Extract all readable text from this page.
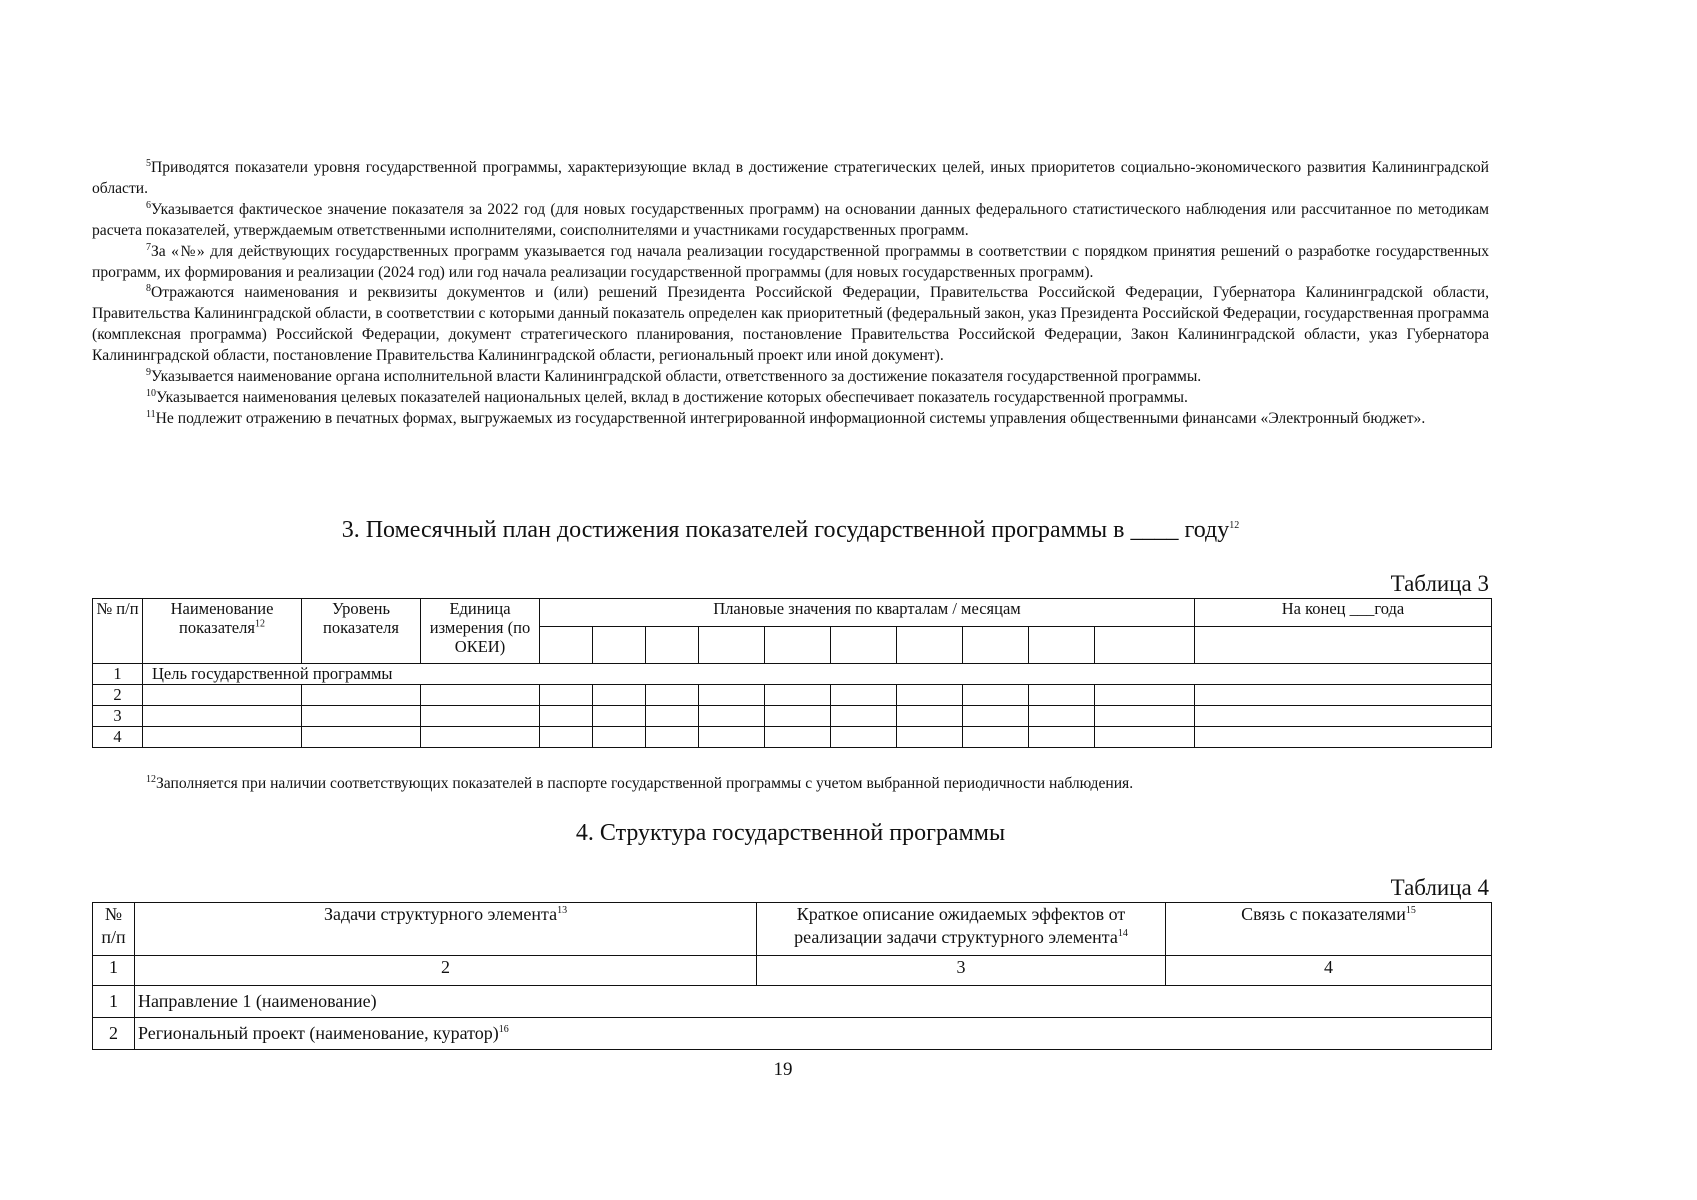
$^5$Приводятся показатели уровня государственной программы, характеризующие вклад в достижение стратегических целей, иных приоритетов социально-экономического развития Калининградской области.

$^6$Указывается фактическое значение показателя за 2022 год (для новых государственных программ) на основании данных федерального статистического наблюдения или рассчитанное по методикам расчета показателей, утверждаемым ответственными исполнителями, соисполнителями и участниками государственных программ.

$^7$За «№» для действующих государственных программ указывается год начала реализации государственной программы в соответствии с порядком принятия решений о разработке государственных программ, их формирования и реализации (2024 год) или год начала реализации государственной программы (для новых государственных программ).

$^8$Отражаются наименования и реквизиты документов и (или) решений Президента Российской Федерации, Правительства Российской Федерации, Губернатора Калининградской области, Правительства Калининградской области, в соответствии с которыми данный показатель определен как приоритетный (федеральный закон, указ Президента Российской Федерации, государственная программа (комплексная программа) Российской Федерации, документ стратегического планирования, постановление Правительства Российской Федерации, Закон Калининградской области, указ Губернатора Калининградской области, постановление Правительства Калининградской области, региональный проект или иной документ).

$^9$Указывается наименование органа исполнительной власти Калининградской области, ответственного за достижение показателя государственной программы.

$^{10}$Указывается наименования целевых показателей национальных целей, вклад в достижение которых обеспечивает показатель государственной программы.

$^{11}$Не подлежит отражению в печатных формах, выгружаемых из государственной интегрированной информационной системы управления общественными финансами «Электронный бюджет».

3. Помесячный план достижения показателей государственной программы в ____ году$^{12}$
Таблица 3
№ п/п	Наименование показателя$^{12}$	Уровень показателя	Единица измерения (по ОКЕИ)	Плановые значения по кварталам / месяцам										На конец ___года

1	Цель государственной программы													
2														
3														
4														
$^{12}$Заполняется при наличии соответствующих показателей в паспорте государственной программы с учетом выбранной периодичности наблюдения.
4. Структура государственной программы
Таблица 4
№ п/п	Задачи структурного элемента$^{13}$	Краткое описание ожидаемых эффектов от реализации задачи структурного элемента$^{14}$	Связь с показателями$^{15}$
1	2	3	4
1	Направление 1 (наименование)		
2	Региональный проект (наименование, куратор)$^{16}$
19
